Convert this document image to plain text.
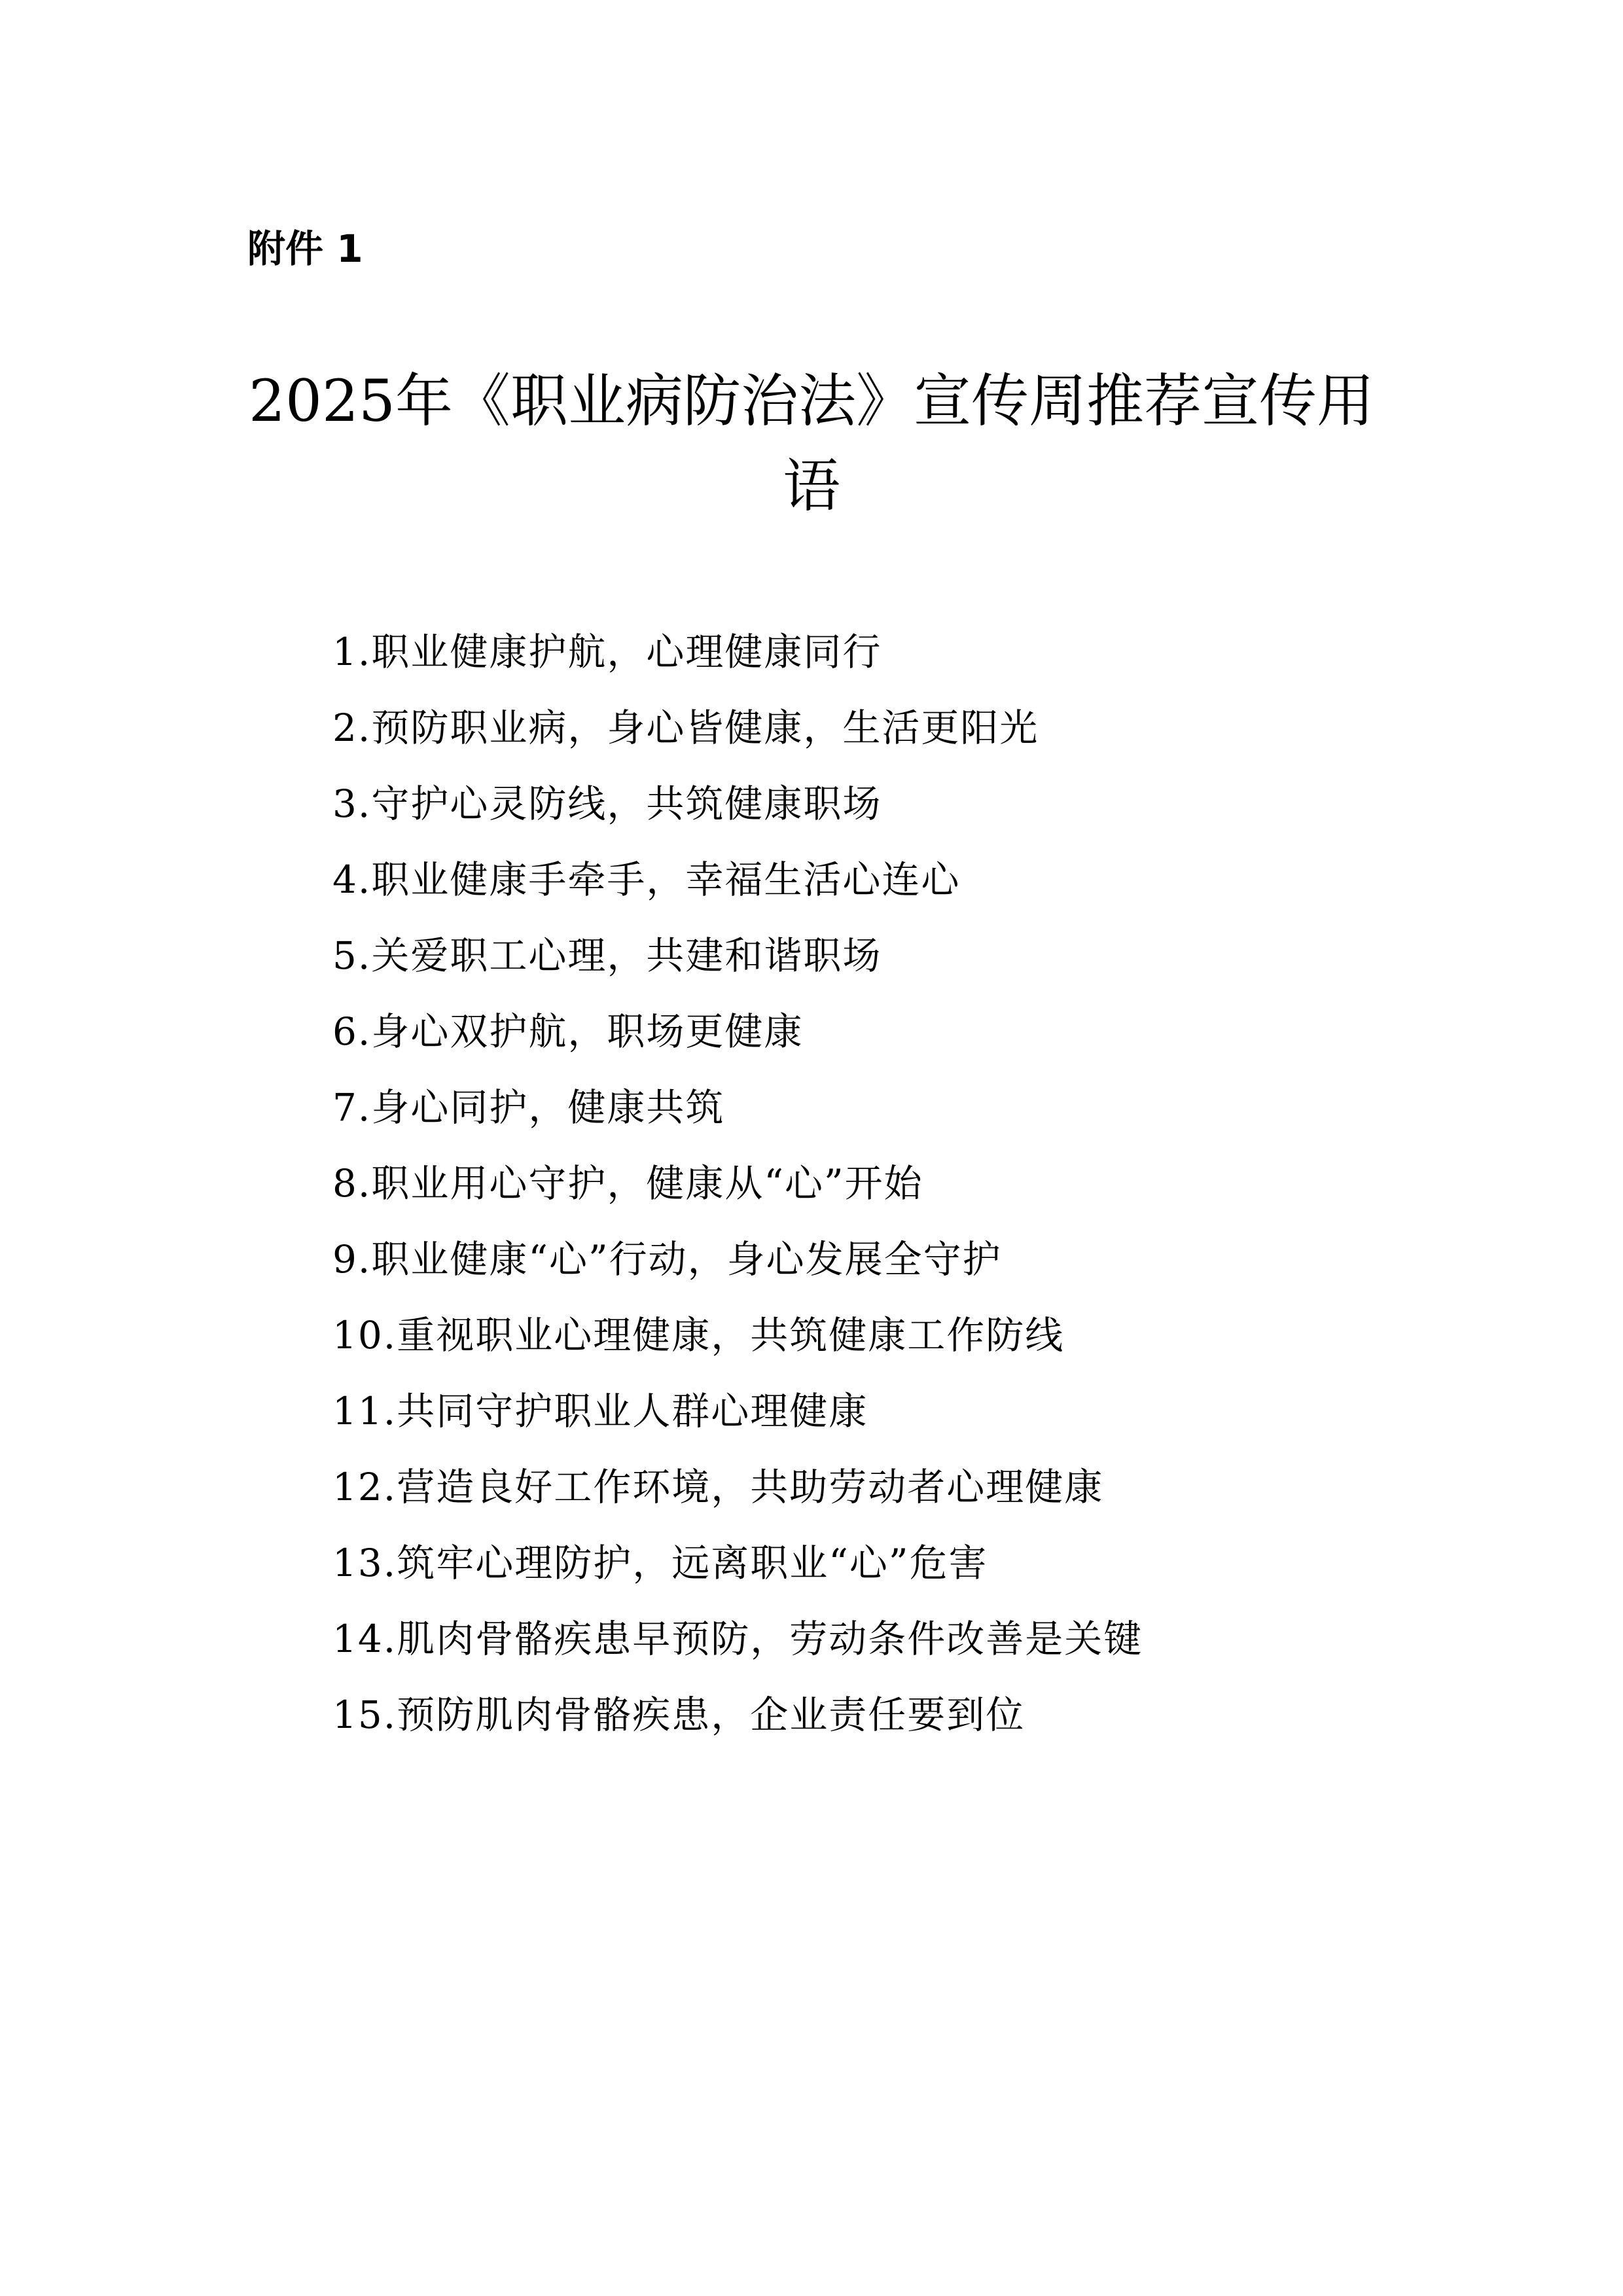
附件 1
2025年《职业病防治法》宣传周推荐宣传用
语
1.职业健康护航，心理健康同行
2.预防职业病，身心皆健康，生活更阳光
3.守护心灵防线，共筑健康职场
4.职业健康手牵手，幸福生活心连心
5.关爱职工心理，共建和谐职场
6.身心双护航，职场更健康
7.身心同护，健康共筑
8.职业用心守护，健康从“心”开始
9.职业健康“心”行动，身心发展全守护
10.重视职业心理健康，共筑健康工作防线
11.共同守护职业人群心理健康
12.营造良好工作环境，共助劳动者心理健康
13.筑牢心理防护，远离职业“心”危害
14.肌肉骨骼疾患早预防，劳动条件改善是关键
15.预防肌肉骨骼疾患，企业责任要到位
